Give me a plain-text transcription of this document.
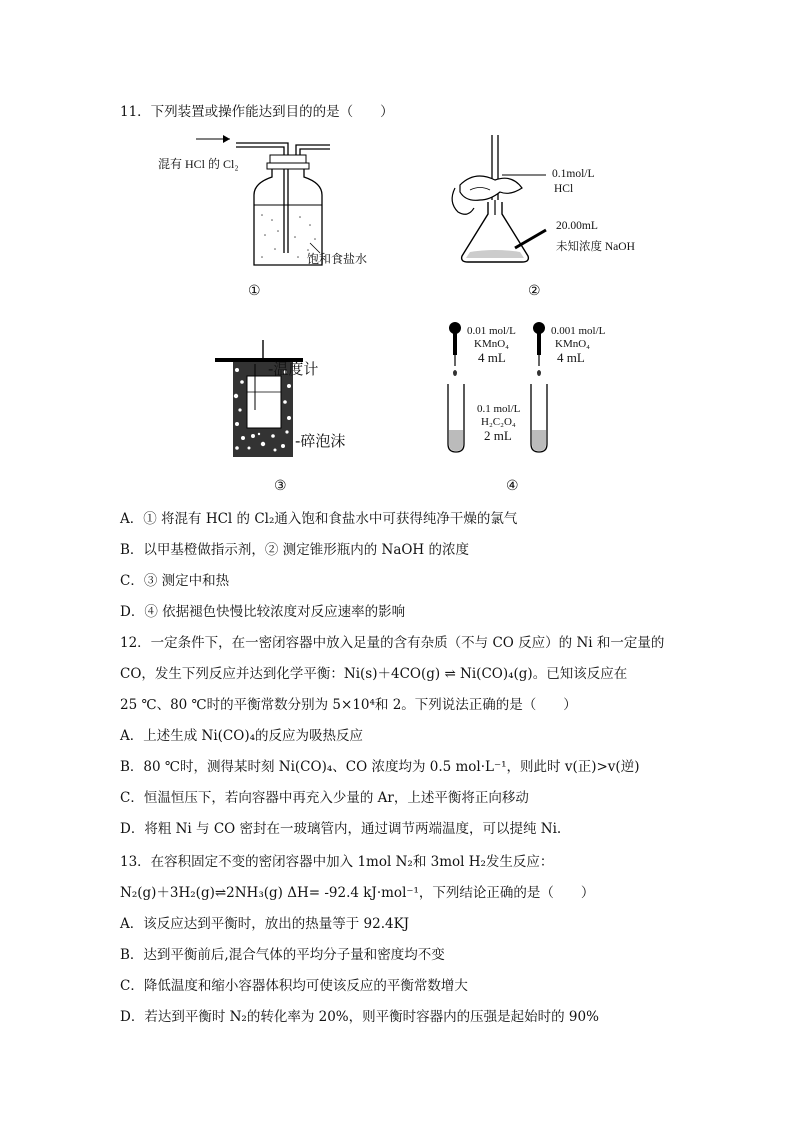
11．下列装置或操作能达到目的的是（　　）
混有 HCl 的 Cl₂
饱和食盐水
①
0.1mol/L
HCl
20.00mL
未知浓度 NaOH
②
-温度计
-碎泡沫
③
0.01 mol/L
KMnO₄
4 mL
0.001 mol/L
KMnO₄
4 mL
0.1 mol/L
H₂C₂O₄
2 mL
④
A．① 将混有 HCl 的 Cl₂通入饱和食盐水中可获得纯净干燥的氯气
B．以甲基橙做指示剂，② 测定锥形瓶内的 NaOH 的浓度
C．③ 测定中和热
D．④ 依据褪色快慢比较浓度对反应速率的影响
12．一定条件下，在一密闭容器中放入足量的含有杂质（不与 CO 反应）的 Ni 和一定量的
CO，发生下列反应并达到化学平衡：Ni(s)＋4CO(g) ⇌ Ni(CO)₄(g)。已知该反应在
25 ℃、80 ℃时的平衡常数分别为 5×10⁴和 2。下列说法正确的是（　　）
A．上述生成 Ni(CO)₄的反应为吸热反应
B．80 ℃时，测得某时刻 Ni(CO)₄、CO 浓度均为 0.5 mol·L⁻¹，则此时 v(正)>v(逆)
C．恒温恒压下，若向容器中再充入少量的 Ar，上述平衡将正向移动
D．将粗 Ni 与 CO 密封在一玻璃管内，通过调节两端温度，可以提纯 Ni.
13．在容积固定不变的密闭容器中加入 1mol N₂和 3mol H₂发生反应：
N₂(g)＋3H₂(g)⇌2NH₃(g) ΔH= -92.4 kJ·mol⁻¹，下列结论正确的是（　　）
A．该反应达到平衡时，放出的热量等于 92.4KJ
B．达到平衡前后,混合气体的平均分子量和密度均不变
C．降低温度和缩小容器体积均可使该反应的平衡常数增大
D．若达到平衡时 N₂的转化率为 20%，则平衡时容器内的压强是起始时的 90%
